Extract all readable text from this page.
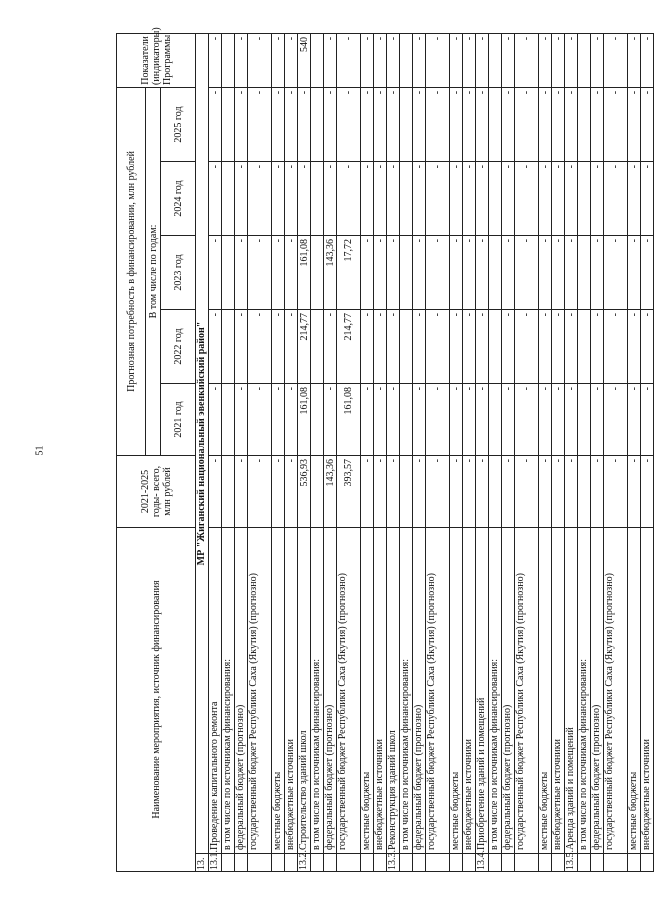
51
Наименование мероприятия, источник финансирования		2021-2025 годы- всего, млн рублей	Прогнозная потребность в финансировании, млн рублей					Показатели (индикаторы) Программы
			В том числе по годам:					
			2021 год	2022 год	2023 год	2024 год	2025 год	
13.	МР "Жиганский национальный эвенкийский район"							
13.1.	Проведение капитального ремонта	-	-	-	-	-	-	-
	в том числе по источникам финансирования:							
	федеральный бюджет (прогнозно)	-	-	-	-	-	-	-
	государственный бюджет Республики Саха (Якутия) (прогнозно)	-	-	-	-	-	-	-
	местные бюджеты	-	-	-	-	-	-	-
	внебюджетные источники	-	-	-	-	-	-	-
13.2.	Строительство зданий школ	536,93	161,08	214,77	161,08	-	-	540
	в том числе по источникам финансирования:							
	федеральный бюджет (прогнозно)	143,36	-	-	143,36	-	-	-
	государственный бюджет Республики Саха (Якутия) (прогнозно)	393,57	161,08	214,77	17,72	-	-	-
	местные бюджеты	-	-	-	-	-	-	-
	внебюджетные источники	-	-	-	-	-	-	-
13.3.	Реконструкция зданий школ	-	-	-	-	-	-	-
	в том числе по источникам финансирования:							
	федеральный бюджет (прогнозно)	-	-	-	-	-	-	-
	государственный бюджет Республики Саха (Якутия) (прогнозно)	-	-	-	-	-	-	-
	местные бюджеты	-	-	-	-	-	-	-
	внебюджетные источники	-	-	-	-	-	-	-
13.4.	Приобретение зданий и помещений	-	-	-	-	-	-	-
	в том числе по источникам финансирования:							
	федеральный бюджет (прогнозно)	-	-	-	-	-	-	-
	государственный бюджет Республики Саха (Якутия) (прогнозно)	-	-	-	-	-	-	-
	местные бюджеты	-	-	-	-	-	-	-
	внебюджетные источники	-	-	-	-	-	-	-
13.5.	Аренда зданий и помещений	-	-	-	-	-	-	-
	в том числе по источникам финансирования:							
	федеральный бюджет (прогнозно)	-	-	-	-	-	-	-
	государственный бюджет Республики Саха (Якутия) (прогнозно)	-	-	-	-	-	-	-
	местные бюджеты	-	-	-	-	-	-	-
	внебюджетные источники	-	-	-	-	-	-	-
